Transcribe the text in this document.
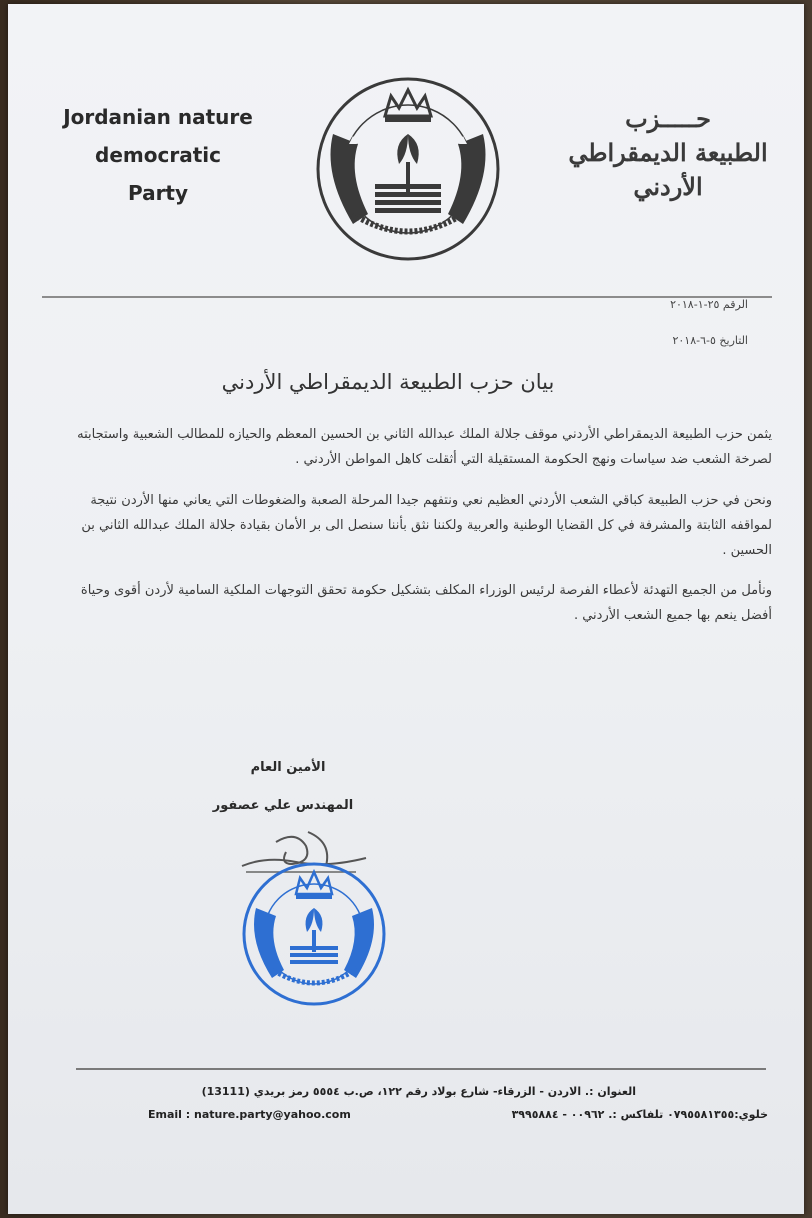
Jordanian nature
democratic
Party
حـــــزب
الطبيعة الديمقراطي
الأردني
الرقم ٢٥-١-٢٠١٨
التاريخ ٥-٦-٢٠١٨
بيان حزب الطبيعة الديمقراطي الأردني
يثمن حزب الطبيعة الديمقراطي الأردني موقف جلالة الملك عبدالله الثاني بن الحسين المعظم والحيازه للمطالب الشعبية واستجابته لصرخة الشعب ضد سياسات ونهج الحكومة المستقيلة التي أثقلت كاهل المواطن الأردني .
ونحن في حزب الطبيعة كباقي الشعب الأردني العظيم نعي ونتفهم جيدا المرحلة الصعبة والضغوطات التي يعاني منها الأردن نتيجة لمواقفه الثابتة والمشرفة في كل القضايا الوطنية والعربية ولكننا نثق بأننا سنصل الى بر الأمان بقيادة جلالة الملك عبدالله الثاني بن الحسين .
ونأمل من الجميع التهدئة لأعطاء الفرصة لرئيس الوزراء المكلف بتشكيل حكومة تحقق التوجهات الملكية السامية لأردن أقوى وحياة أفضل ينعم بها جميع الشعب الأردني .
الأمين العام
المهندس علي عصفور
العنوان :. الاردن - الزرقاء- شارع بولاد رقم ١٢٢، ص.ب ٥٥٥٤ رمز بريدي (13111)
خلوي:٠٧٩٥٥٨١٣٥٥ تلفاكس :. ٠٠٩٦٢ - ٣٩٩٥٨٨٤
Email : nature.party@yahoo.com
